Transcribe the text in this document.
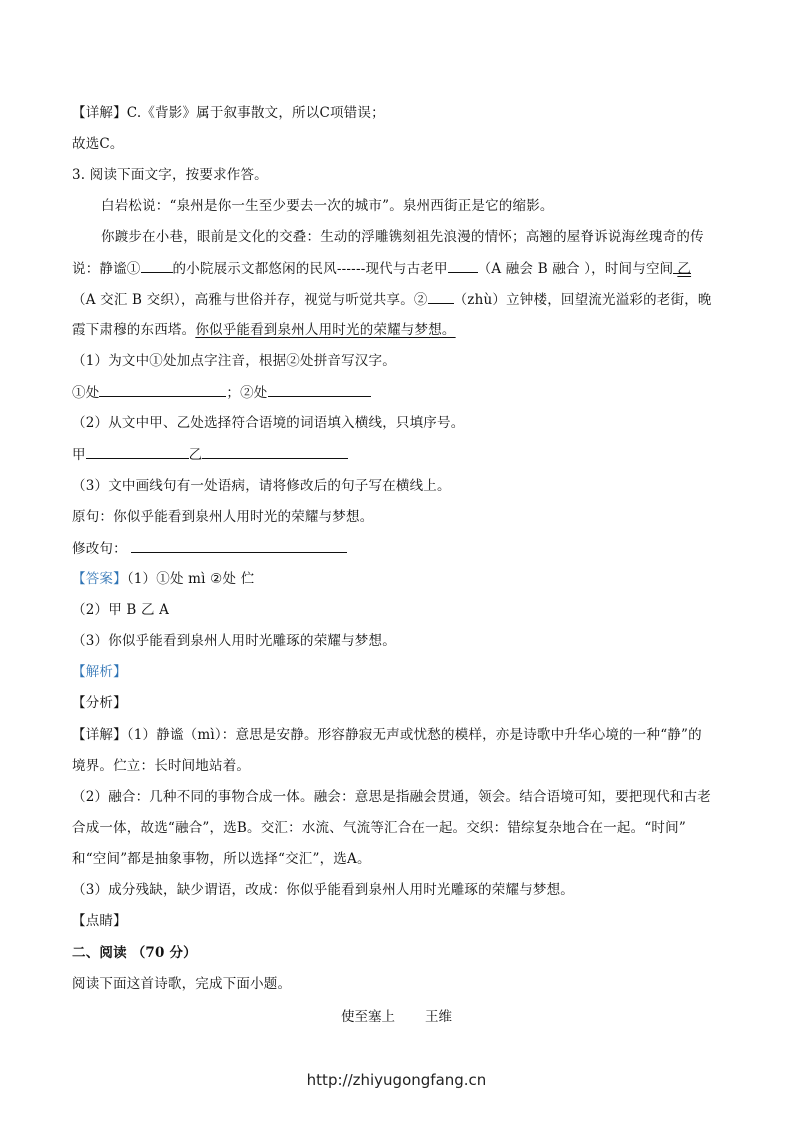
【详解】C.《背影》属于叙事散文，所以C项错误；
故选C。
3. 阅读下面文字，按要求作答。
白岩松说：“泉州是你一生至少要去一次的城市”。泉州西街正是它的缩影。
你踱步在小巷，眼前是文化的交叠：生动的浮雕镌刻祖先浪漫的情怀；高翘的屋脊诉说海丝瑰奇的传
说：静谧① 的小院展示文都悠闲的民风------现代与古老甲 （A 融会 B 融合 ），时间与空间 乙
（A 交汇 B 交织），高雅与世俗并存，视觉与听觉共享。② （zhù）立钟楼，回望流光溢彩的老街，晚
霞下肃穆的东西塔。你似乎能看到泉州人用时光的荣耀与梦想。
（1）为文中①处加点字注音，根据②处拼音写汉字。
①处	；②处
（2）从文中甲、乙处选择符合语境的词语填入横线，只填序号。
甲	乙
（3）文中画线句有一处语病，请将修改后的句子写在横线上。
原句：你似乎能看到泉州人用时光的荣耀与梦想。
修改句：
【答案】（1）①处 mì ②处 伫
（2）甲 B 乙 A
（3）你似乎能看到泉州人用时光雕琢的荣耀与梦想。
【解析】
【分析】
【详解】（1）静谧（mì）：意思是安静。形容静寂无声或忧愁的模样，亦是诗歌中升华心境的一种“静”的
境界。伫立：长时间地站着。
（2）融合：几种不同的事物合成一体。融会：意思是指融会贯通，领会。结合语境可知，要把现代和古老
合成一体，故选“融合”，选B。交汇：水流、气流等汇合在一起。交织：错综复杂地合在一起。“时间”
和“空间”都是抽象事物，所以选择“交汇”，选A。
（3）成分残缺，缺少谓语，改成：你似乎能看到泉州人用时光雕琢的荣耀与梦想。
【点睛】
二、阅读 （70 分）
阅读下面这首诗歌，完成下面小题。
使至塞上 王维
http://zhiyugongfang.cn
